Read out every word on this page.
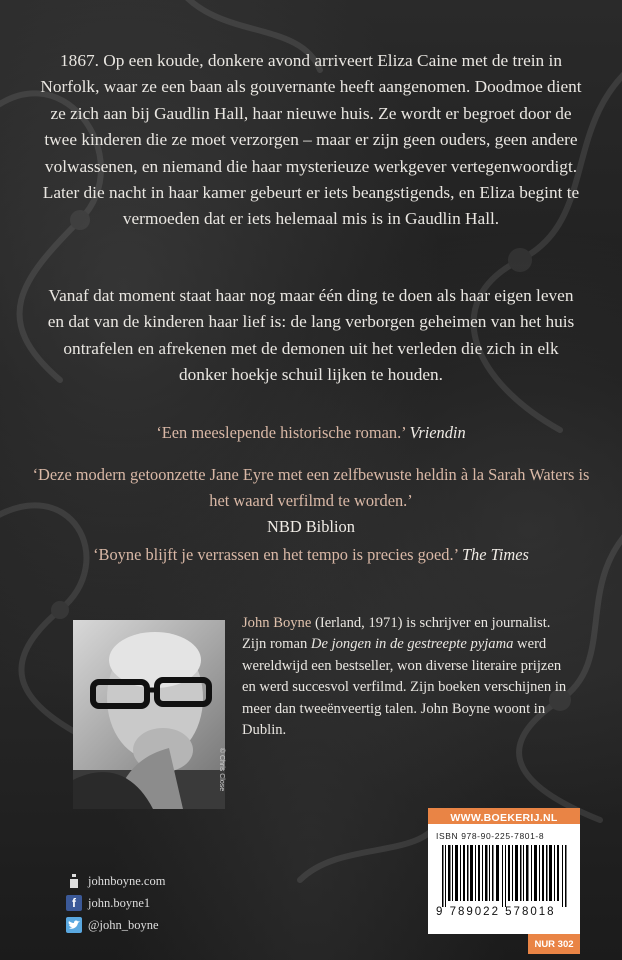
1867. Op een koude, donkere avond arriveert Eliza Caine met de trein in Norfolk, waar ze een baan als gouvernante heeft aangenomen. Doodmoe dient ze zich aan bij Gaudlin Hall, haar nieuwe huis. Ze wordt er begroet door de twee kinderen die ze moet verzorgen – maar er zijn geen ouders, geen andere volwassenen, en niemand die haar mysterieuze werkgever vertegenwoordigt. Later die nacht in haar kamer gebeurt er iets beangstigends, en Eliza begint te vermoeden dat er iets helemaal mis is in Gaudlin Hall.
Vanaf dat moment staat haar nog maar één ding te doen als haar eigen leven en dat van de kinderen haar lief is: de lang verborgen geheimen van het huis ontrafelen en afrekenen met de demonen uit het verleden die zich in elk donker hoekje schuil lijken te houden.
‘Een meeslepende historische roman.’ Vriendin
‘Deze modern getoonzette Jane Eyre met een zelfbewuste heldin à la Sarah Waters is het waard verfilmd te worden.’
NBD Biblion
‘Boyne blijft je verrassen en het tempo is precies goed.’ The Times
© Chris Close
John Boyne (Ierland, 1971) is schrijver en journalist. Zijn roman De jongen in de gestreepte pyjama werd wereldwijd een bestseller, won diverse literaire prijzen en werd succesvol verfilmd. Zijn boeken verschijnen in meer dan tweeënveertig talen. John Boyne woont in Dublin.
johnboyne.com
f john.boyne1
@john_boyne
WWW.BOEKERIJ.NL
ISBN 978-90-225-7801-8
9 789022 578018
NUR 302
